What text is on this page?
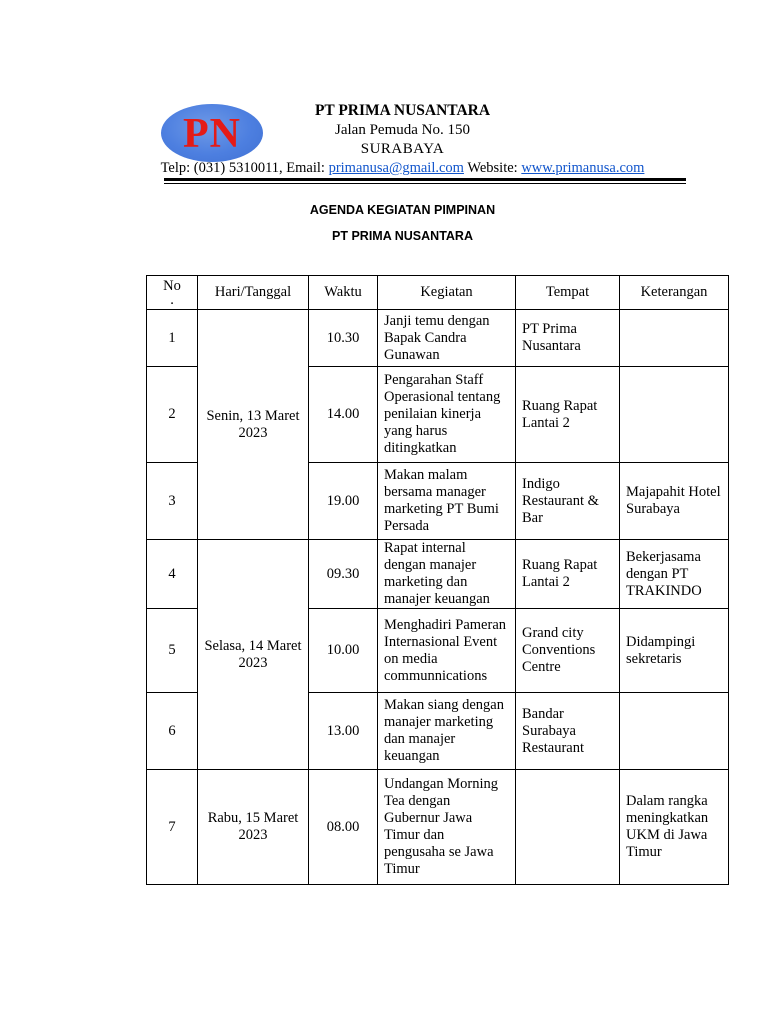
PN
PT PRIMA NUSANTARA
Jalan Pemuda No. 150
SURABAYA
Telp: (031) 5310011, Email: primanusa@gmail.com Website: www.primanusa.com
AGENDA KEGIATAN PIMPINAN
PT PRIMA NUSANTARA
No
.	Hari/Tanggal	Waktu	Kegiatan	Tempat	Keterangan
1	Senin, 13 Maret 2023	10.30	Janji temu dengan Bapak Candra Gunawan	PT Prima Nusantara	
2		14.00	Pengarahan Staff Operasional tentang penilaian kinerja yang harus ditingkatkan	Ruang Rapat Lantai 2	
3		19.00	Makan malam bersama manager marketing PT Bumi Persada	Indigo Restaurant & Bar	Majapahit Hotel Surabaya
4	Selasa, 14 Maret 2023	09.30	Rapat internal dengan manajer marketing dan manajer keuangan	Ruang Rapat Lantai 2	Bekerjasama dengan PT TRAKINDO
5		10.00	Menghadiri Pameran Internasional Event on media communnications	Grand city Conventions Centre	Didampingi sekretaris
6		13.00	Makan siang dengan manajer marketing dan manajer keuangan	Bandar Surabaya Restaurant	
7	Rabu, 15 Maret 2023	08.00	Undangan Morning Tea dengan Gubernur Jawa Timur dan pengusaha se Jawa Timur		Dalam rangka meningkatkan UKM di Jawa Timur
